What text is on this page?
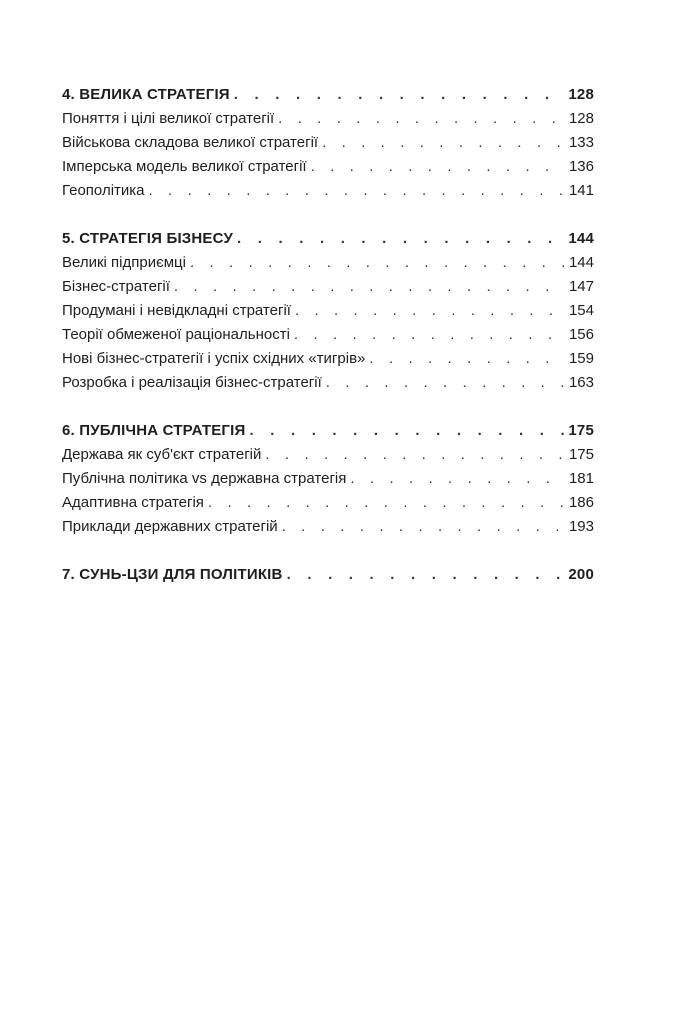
4. ВЕЛИКА СТРАТЕГІЯ . . .	128
Поняття і цілі великої стратегії . . .	128
Військова складова великої стратегії . . .	133
Імперська модель великої стратегії . . .	136
Геополітика . . .	141
5. СТРАТЕГІЯ БІЗНЕСУ . . .	144
Великі підприємці . . .	144
Бізнес-стратегії . . .	147
Продумані і невідкладні стратегії . . .	154
Теорії обмеженої раціональності . . .	156
Нові бізнес-стратегії і успіх східних «тигрів» . . .	159
Розробка і реалізація бізнес-стратегії . . .	163
6. ПУБЛІЧНА СТРАТЕГІЯ . . .	175
Держава як суб'єкт стратегій . . .	175
Публічна політика vs державна стратегія . . .	181
Адаптивна стратегія . . .	186
Приклади державних стратегій . . .	193
7. СУНЬ-ЦЗИ ДЛЯ ПОЛІТИКІВ . . .	200
